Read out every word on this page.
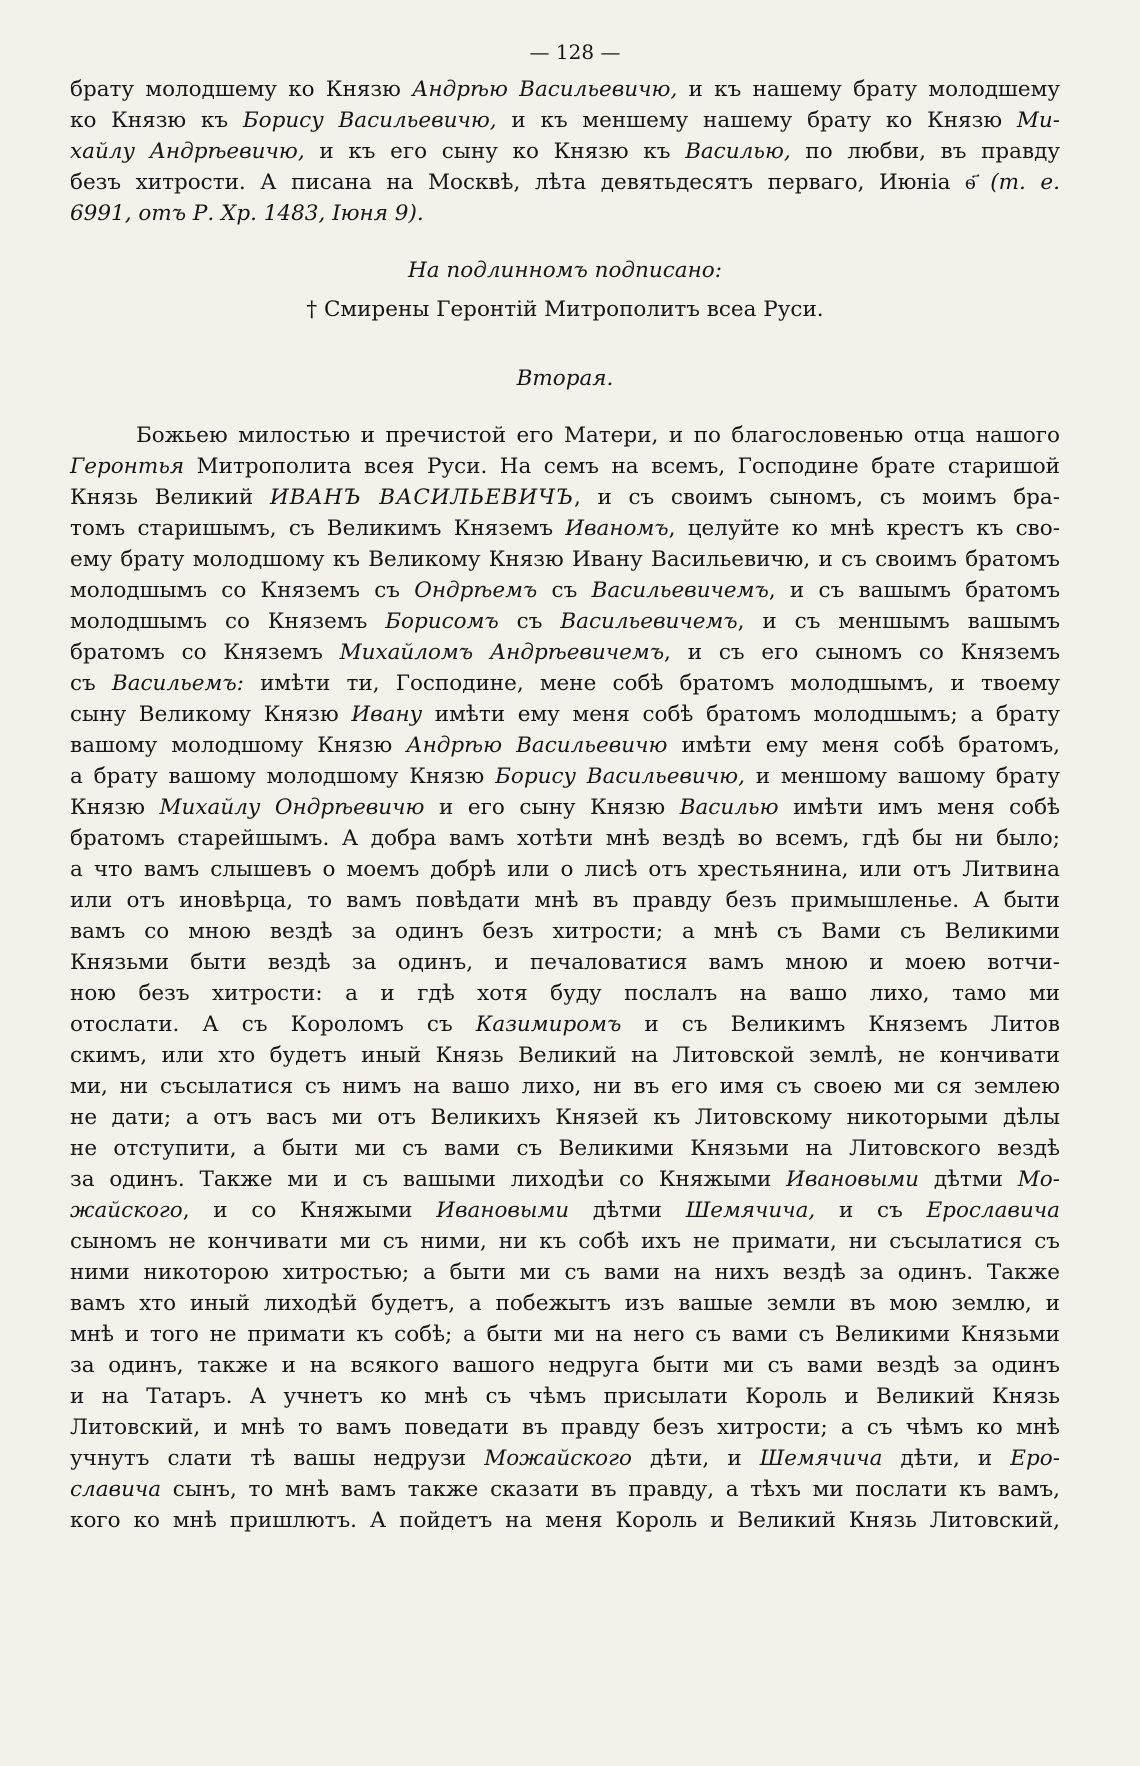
— 128 —
брату молодшему ко Князю Андрѣю Васильевичю, и къ нашему брату молодшему
ко Князю къ Борису Васильевичю, и къ меншему нашему брату ко Князю Ми-
хайлу Андрѣевичю, и къ его сыну ко Князю къ Василью, по любви, въ правду
безъ хитрости. А писана на Москвѣ, лѣта девятьдесятъ перваго, Июнiа ѳ҃ (т. е.
6991, отъ Р. Хр. 1483, Iюня 9).
На подлинномъ подписано:
† Смирены Геронтiй Митрополитъ всеа Руси.
Вторая.
Божьею милостью и пречистой его Матери, и по благословенью отца нашого
Геронтья Митрополита всея Руси. На семъ на всемъ, Господине брате старишой
Князь Великий ИВАНЪ ВАСИЛЬЕВИЧЪ, и съ своимъ сыномъ, съ моимъ бра-
томъ старишымъ, съ Великимъ Княземъ Иваномъ, целуйте ко мнѣ крестъ къ сво-
ему брату молодшому къ Великому Князю Ивану Васильевичю, и съ своимъ братомъ
молодшымъ со Княземъ съ Ондрѣемъ съ Васильевичемъ, и съ вашымъ братомъ
молодшымъ со Княземъ Борисомъ съ Васильевичемъ, и съ меншымъ вашымъ
братомъ со Княземъ Михайломъ Андрѣевичемъ, и съ его сыномъ со Княземъ
съ Васильемъ: имѣти ти, Господине, мене собѣ братомъ молодшымъ, и твоему
сыну Великому Князю Ивану имѣти ему меня собѣ братомъ молодшымъ; а брату
вашому молодшому Князю Андрѣю Васильевичю имѣти ему меня собѣ братомъ,
а брату вашому молодшому Князю Борису Васильевичю, и меншому вашому брату
Князю Михайлу Ондрѣевичю и его сыну Князю Василью имѣти имъ меня собѣ
братомъ старейшымъ. А добра вамъ хотѣти мнѣ вездѣ во всемъ, гдѣ бы ни было;
а что вамъ слышевъ о моемъ добрѣ или о лисѣ отъ хрестьянина, или отъ Литвина
или отъ иновѣрца, то вамъ повѣдати мнѣ въ правду безъ примышленье. А быти
вамъ со мною вездѣ за одинъ безъ хитрости; а мнѣ съ Вами съ Великими
Князьми быти вездѣ за одинъ, и печаловатися вамъ мною и моею вотчи-
ною безъ хитрости: а и гдѣ хотя буду послалъ на вашо лихо, тамо ми
отослати. А съ Короломъ съ Казимиромъ и съ Великимъ Княземъ Литов
скимъ, или хто будетъ иный Князь Великий на Литовской землѣ, не кончивати
ми, ни съсылатися съ нимъ на вашо лихо, ни въ его имя съ своею ми ся землею
не дати; а отъ васъ ми отъ Великихъ Князей къ Литовскому никоторыми дѣлы
не отступити, а быти ми съ вами съ Великими Князьми на Литовского вездѣ
за одинъ. Также ми и съ вашыми лиходѣи со Княжыми Ивановыми дѣтми Мо-
жайского, и со Княжыми Ивановыми дѣтми Шемячича, и съ Ерославича
сыномъ не кончивати ми съ ними, ни къ собѣ ихъ не примати, ни съсылатися съ
ними никоторою хитростью; а быти ми съ вами на нихъ вездѣ за одинъ. Также
вамъ хто иный лиходѣй будетъ, а побежытъ изъ вашые земли въ мою землю, и
мнѣ и того не примати къ собѣ; а быти ми на него съ вами съ Великими Князьми
за одинъ, также и на всякого вашого недруга быти ми съ вами вездѣ за одинъ
и на Татаръ. А учнетъ ко мнѣ съ чѣмъ присылати Король и Великий Князь
Литовский, и мнѣ то вамъ поведати въ правду безъ хитрости; а съ чѣмъ ко мнѣ
учнутъ слати тѣ вашы недрузи Можайского дѣти, и Шемячича дѣти, и Еро-
славича сынъ, то мнѣ вамъ также сказати въ правду, а тѣхъ ми послати къ вамъ,
кого ко мнѣ пришлютъ. А пойдетъ на меня Король и Великий Князь Литовский,
